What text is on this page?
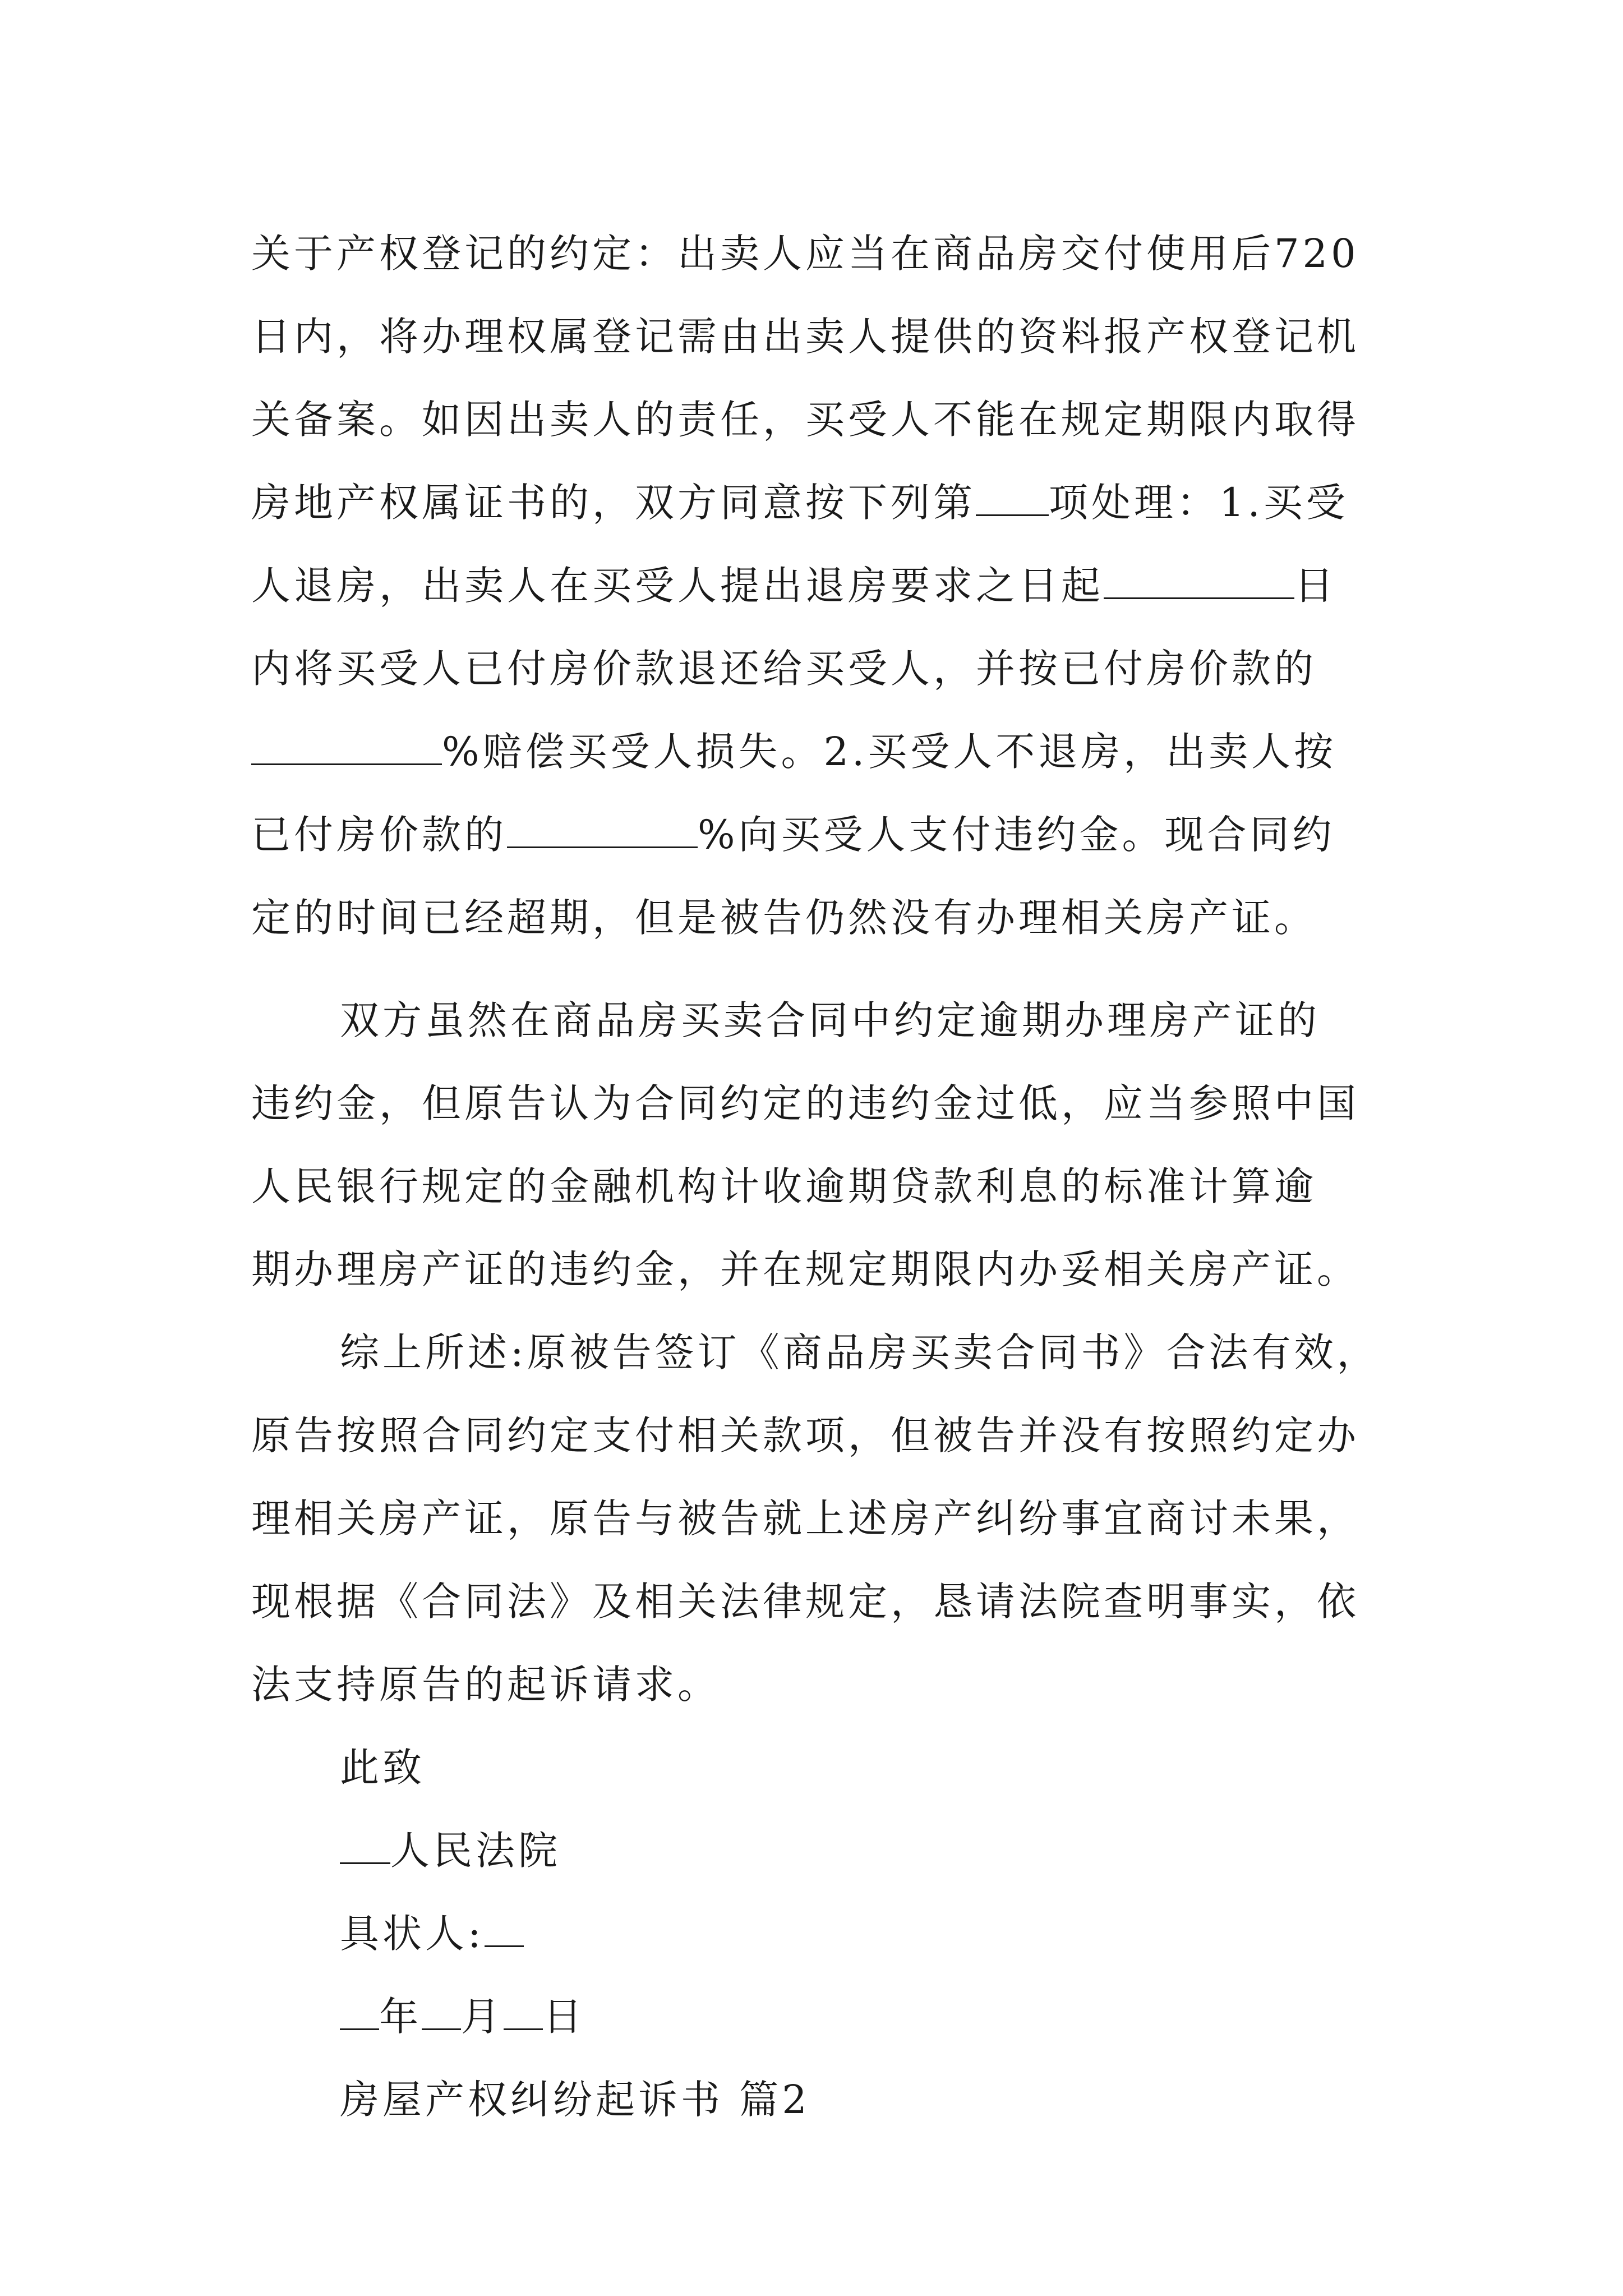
关于产权登记的约定：出卖人应当在商品房交付使用后720
日内，将办理权属登记需由出卖人提供的资料报产权登记机
关备案。如因出卖人的责任，买受人不能在规定期限内取得
房地产权属证书的，双方同意按下列第 项处理：1.买受
人退房，出卖人在买受人提出退房要求之日起	日
内将买受人已付房价款退还给买受人，并按已付房价款的
%赔偿买受人损失。2.买受人不退房，出卖人按
已付房价款的	%向买受人支付违约金。现合同约
定的时间已经超期，但是被告仍然没有办理相关房产证。
双方虽然在商品房买卖合同中约定逾期办理房产证的
违约金，但原告认为合同约定的违约金过低，应当参照中国
人民银行规定的金融机构计收逾期贷款利息的标准计算逾
期办理房产证的违约金，并在规定期限内办妥相关房产证。
综上所述:原被告签订《商品房买卖合同书》合法有效，
原告按照合同约定支付相关款项，但被告并没有按照约定办
理相关房产证，原告与被告就上述房产纠纷事宜商讨未果，
现根据《合同法》及相关法律规定，恳请法院查明事实，依
法支持原告的起诉请求。
此致
人民法院
具状人:
年 月 日
房屋产权纠纷起诉书 篇2
